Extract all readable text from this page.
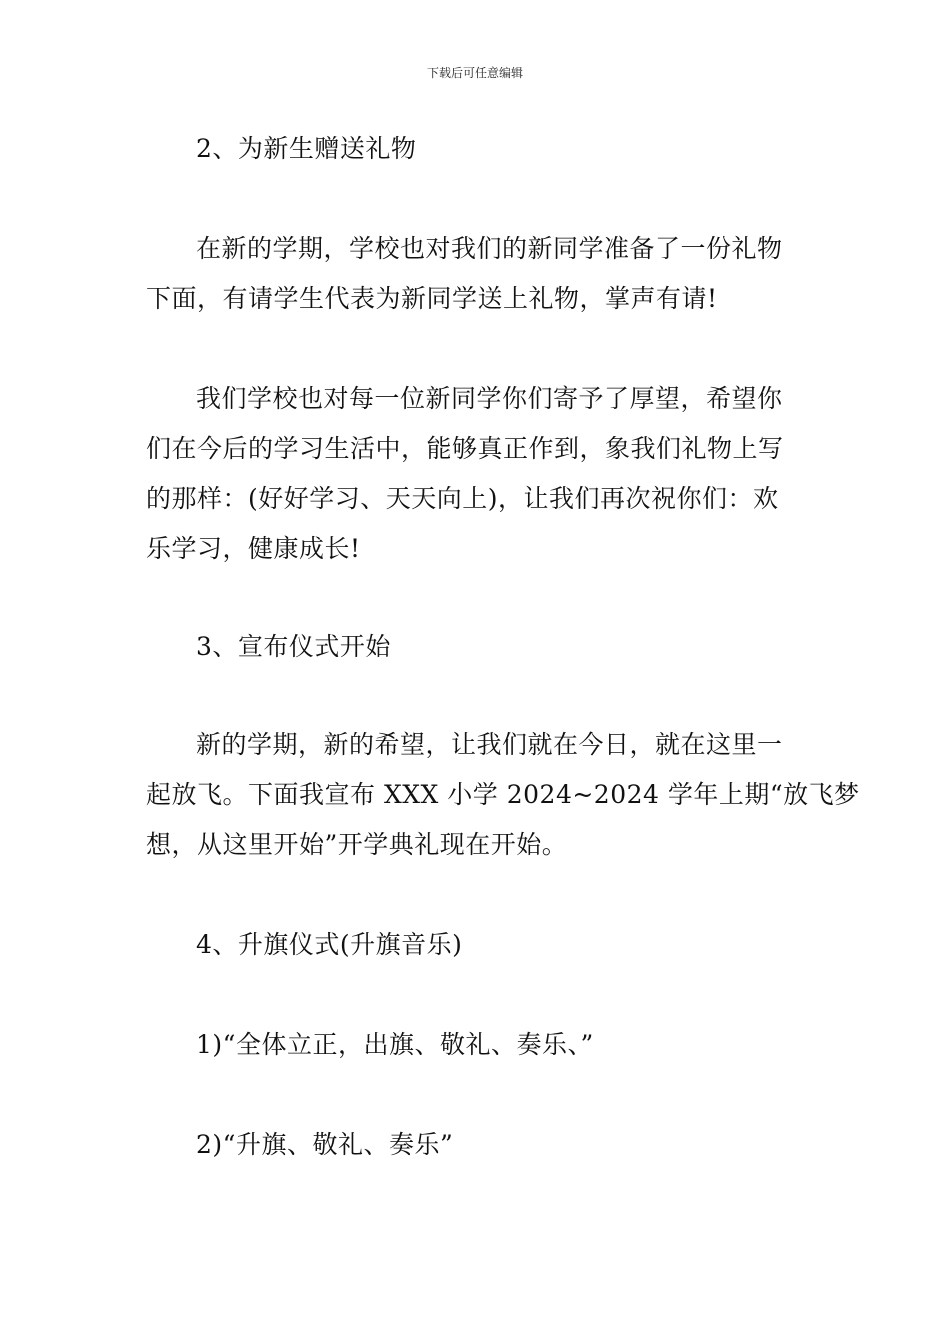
下载后可任意编辑

2、为新生赠送礼物

在新的学期，学校也对我们的新同学准备了一份礼物
下面，有请学生代表为新同学送上礼物，掌声有请!

我们学校也对每一位新同学你们寄予了厚望，希望你
们在今后的学习生活中，能够真正作到，象我们礼物上写
的那样：(好好学习、天天向上)，让我们再次祝你们：欢
乐学习，健康成长!

3、宣布仪式开始

新的学期，新的希望，让我们就在今日，就在这里一
起放飞。下面我宣布 XXX 小学 2024~2024 学年上期“放飞梦
想，从这里开始”开学典礼现在开始。

4、升旗仪式(升旗音乐)

1)“全体立正，出旗、敬礼、奏乐、”

2)“升旗、敬礼、奏乐”
